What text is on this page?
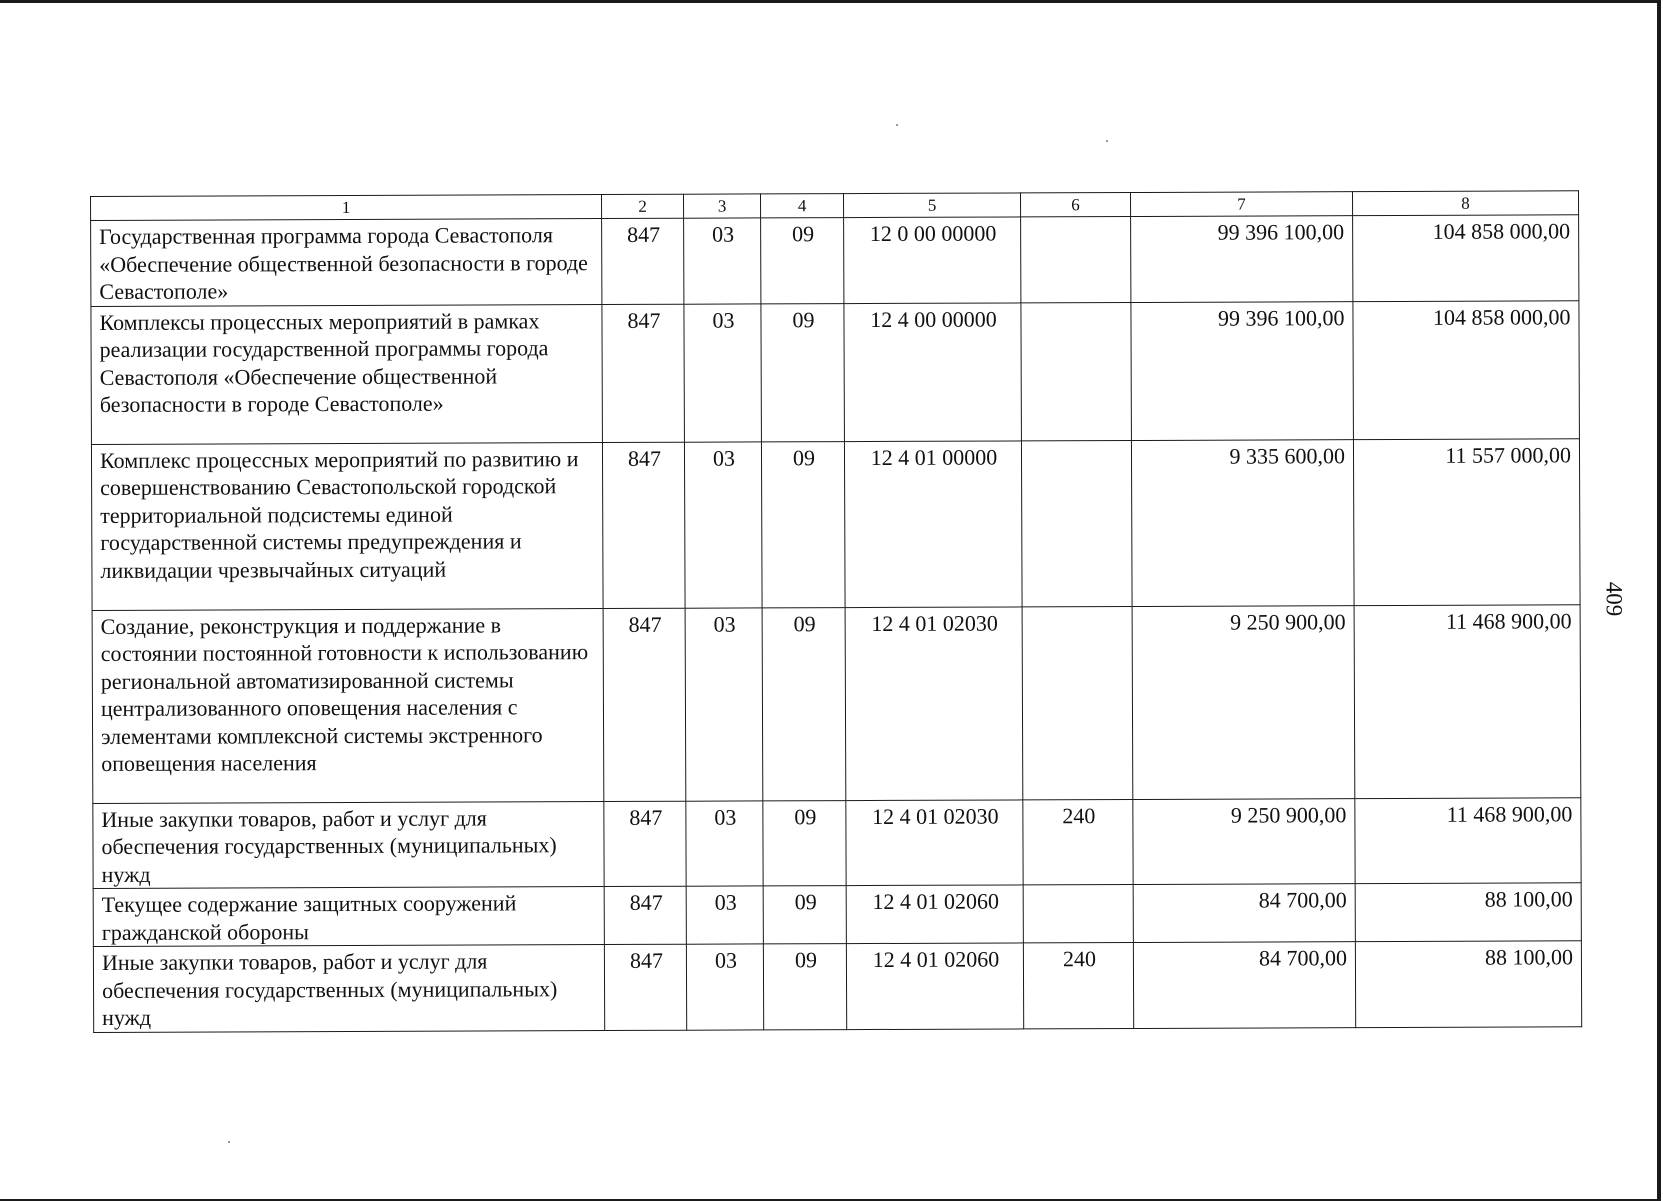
409
1	2	3	4	5	6	7	8
Государственная программа города Севастополя «Обеспечение общественной безопасности в городе Севастополе»	847	03	09	12 0 00 00000		99 396 100,00	104 858 000,00
Комплексы процессных мероприятий в рамках реализации государственной программы города Севастополя «Обеспечение общественной безопасности в городе Севастополе»	847	03	09	12 4 00 00000		99 396 100,00	104 858 000,00
Комплекс процессных мероприятий по развитию и совершенствованию Севастопольской городской территориальной подсистемы единой государственной системы предупреждения и ликвидации чрезвычайных ситуаций	847	03	09	12 4 01 00000		9 335 600,00	11 557 000,00
Создание, реконструкция и поддержание в состоянии постоянной готовности к использованию региональной автоматизированной системы централизованного оповещения населения с элементами комплексной системы экстренного оповещения населения	847	03	09	12 4 01 02030		9 250 900,00	11 468 900,00
Иные закупки товаров, работ и услуг для обеспечения государственных (муниципальных) нужд	847	03	09	12 4 01 02030	240	9 250 900,00	11 468 900,00
Текущее содержание защитных сооружений гражданской обороны	847	03	09	12 4 01 02060		84 700,00	88 100,00
Иные закупки товаров, работ и услуг для обеспечения государственных (муниципальных) нужд	847	03	09	12 4 01 02060	240	84 700,00	88 100,00
